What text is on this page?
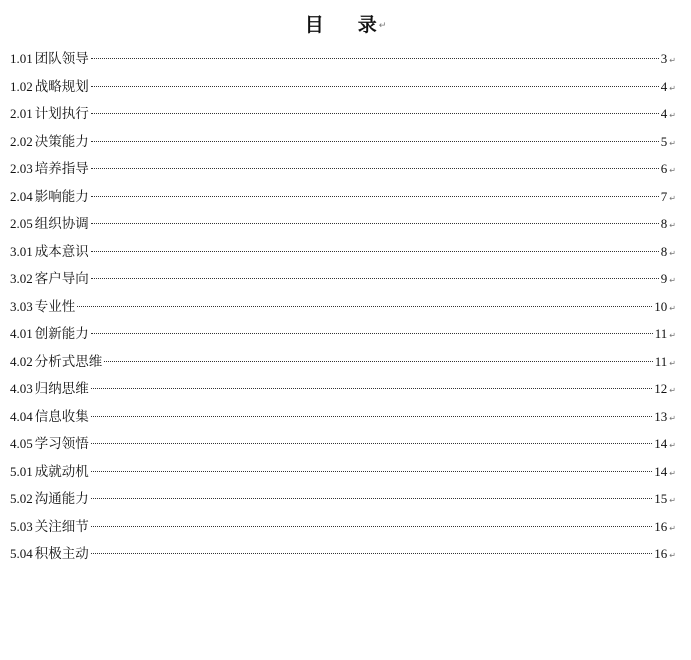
目 录 ↵
1.01 团队领导	3 ↵
1.02 战略规划	4 ↵
2.01 计划执行	4 ↵
2.02 决策能力	5 ↵
2.03 培养指导	6 ↵
2.04 影响能力	7 ↵
2.05 组织协调	8 ↵
3.01 成本意识	8 ↵
3.02 客户导向	9 ↵
3.03 专业性	10 ↵
4.01 创新能力	11 ↵
4.02 分析式思维	11 ↵
4.03 归纳思维	12 ↵
4.04 信息收集	13 ↵
4.05 学习领悟	14 ↵
5.01 成就动机	14 ↵
5.02 沟通能力	15 ↵
5.03 关注细节	16 ↵
5.04 积极主动	16 ↵
